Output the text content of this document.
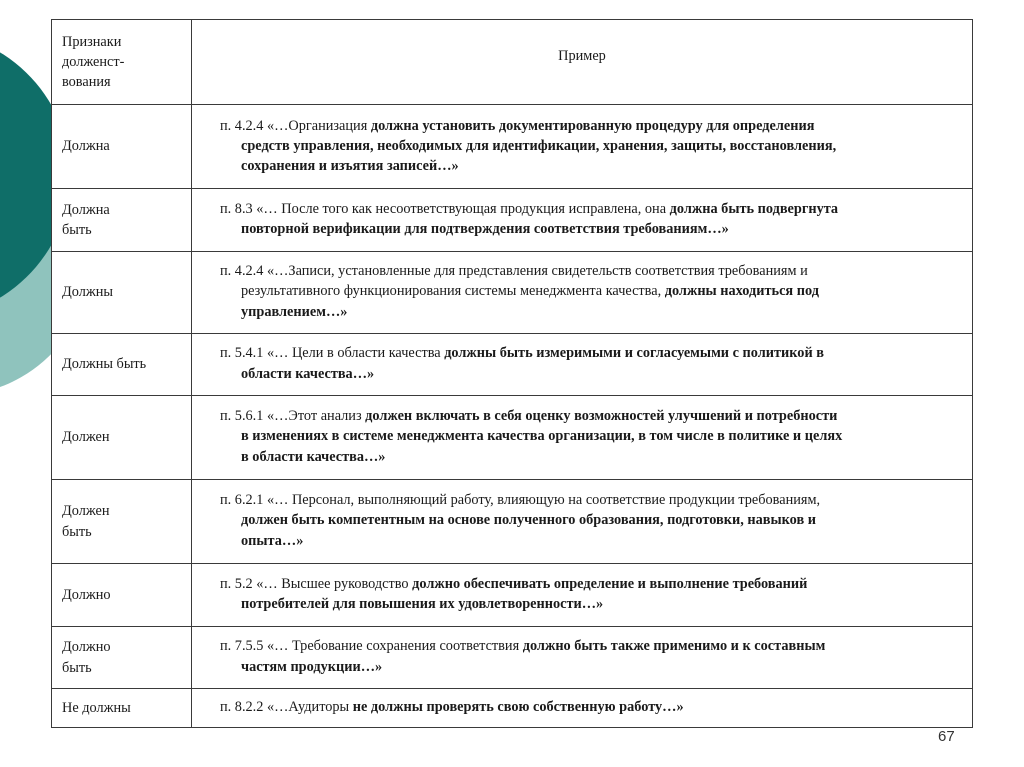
Признаки долженст-вования	Пример
Должна	п. 4.2.4 «…Организация должна установить документированную процедуру для определения
средств управления, необходимых для идентификации, хранения, защиты, восстановления,
сохранения и изъятия записей…»

Должна быть	п. 8.3 «… После того как несоответствующая продукция исправлена, она должна быть подвергнута
повторной верификации для подтверждения соответствия требованиям…»

Должны	п. 4.2.4 «…Записи, установленные для представления свидетельств соответствия требованиям и
результативного функционирования системы менеджмента качества, должны находиться под
управлением…»

Должны быть	п. 5.4.1 «… Цели в области качества должны быть измеримыми и согласуемыми с политикой в
области качества…»

Должен	п. 5.6.1 «…Этот анализ должен включать в себя оценку возможностей улучшений и потребности
в изменениях в системе менеджмента качества организации, в том числе в политике и целях
в области качества…»

Должен быть	п. 6.2.1 «… Персонал, выполняющий работу, влияющую на соответствие продукции требованиям,
должен быть компетентным на основе полученного образования, подготовки, навыков и
опыта…»

Должно	п. 5.2 «… Высшее руководство должно обеспечивать определение и выполнение требований
потребителей для повышения их удовлетворенности…»

Должно быть	п. 7.5.5 «… Требование сохранения соответствия должно быть также применимо и к составным
частям продукции…»

Не должны	п. 8.2.2 «…Аудиторы не должны проверять свою собственную работу…»
67
